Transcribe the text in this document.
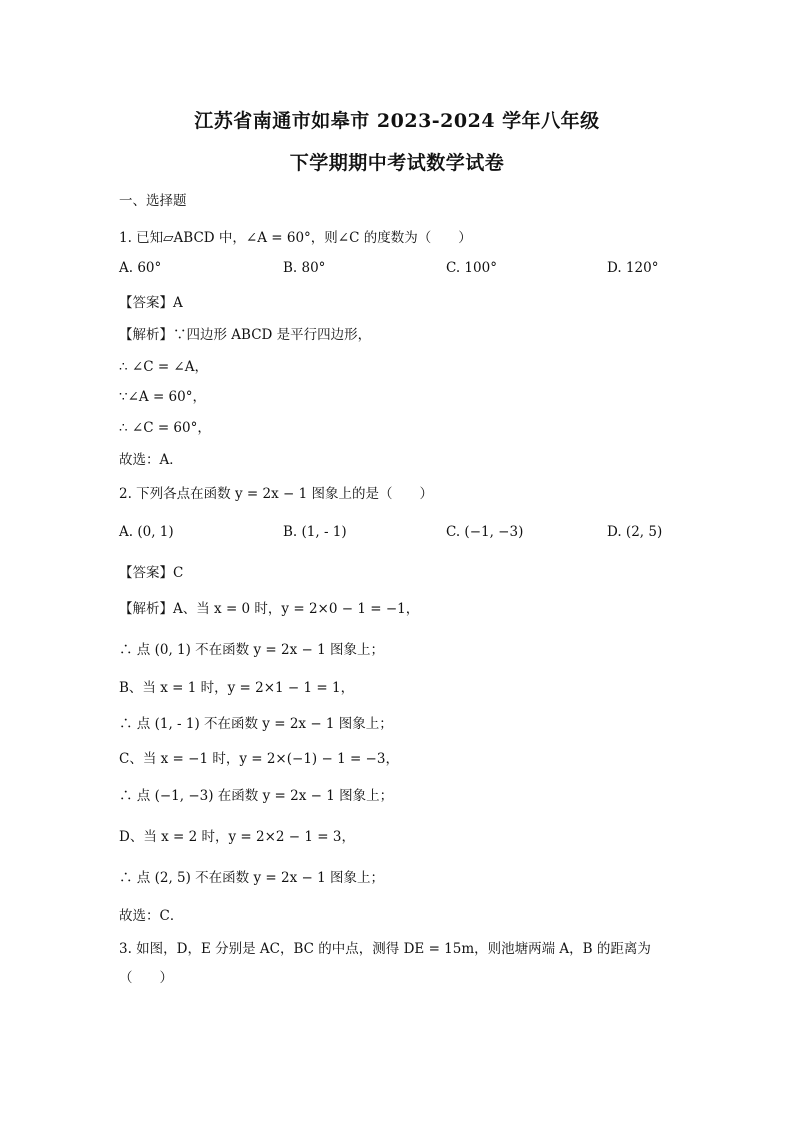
江苏省南通市如皋市 2023-2024 学年八年级
下学期期中考试数学试卷
一、选择题
1. 已知▱ABCD 中，∠A = 60°，则∠C 的度数为（　　）
A. 60°	B. 80°	C. 100°	D. 120°
【答案】A
【解析】∵四边形 ABCD 是平行四边形，
∴ ∠C = ∠A，
∵∠A = 60°，
∴ ∠C = 60°，
故选：A．
2. 下列各点在函数 y = 2x − 1 图象上的是（　　）
A. (0, 1)	B. (1, - 1)	C. (−1, −3)	D. (2, 5)
【答案】C
【解析】A、当 x = 0 时，y = 2×0 − 1 = −1，
∴ 点 (0, 1) 不在函数 y = 2x − 1 图象上；
B、当 x = 1 时，y = 2×1 − 1 = 1，
∴ 点 (1, - 1) 不在函数 y = 2x − 1 图象上；
C、当 x = −1 时，y = 2×(−1) − 1 = −3，
∴ 点 (−1, −3) 在函数 y = 2x − 1 图象上；
D、当 x = 2 时，y = 2×2 − 1 = 3，
∴ 点 (2, 5) 不在函数 y = 2x − 1 图象上；
故选：C．
3. 如图，D，E 分别是 AC，BC 的中点，测得 DE = 15m，则池塘两端 A，B 的距离为
（　　）
